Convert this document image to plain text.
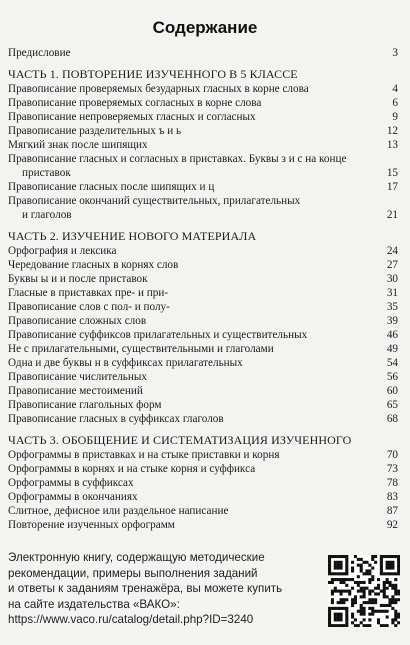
Содержание
Предисловие	3
ЧАСТЬ 1. ПОВТОРЕНИЕ ИЗУЧЕННОГО В 5 КЛАССЕ
Правописание проверяемых безударных гласных в корне слова	4
Правописание проверяемых согласных в корне слова	6
Правописание непроверяемых гласных и согласных	9
Правописание разделительных ъ и ь	12
Мягкий знак после шипящих	13
Правописание гласных и согласных в приставках. Буквы з и с на конце
приставок	15
Правописание гласных после шипящих и ц	17
Правописание окончаний существительных, прилагательных
и глаголов	21
ЧАСТЬ 2. ИЗУЧЕНИЕ НОВОГО МАТЕРИАЛА
Орфография и лексика	24
Чередование гласных в корнях слов	27
Буквы ы и и после приставок	30
Гласные в приставках пре- и при-	31
Правописание слов с пол- и полу-	35
Правописание сложных слов	39
Правописание суффиксов прилагательных и существительных	46
Не с прилагательными, существительными и глаголами	49
Одна и две буквы н в суффиксах прилагательных	54
Правописание числительных	56
Правописание местоимений	60
Правописание глагольных форм	65
Правописание гласных в суффиксах глаголов	68
ЧАСТЬ 3. ОБОБЩЕНИЕ И СИСТЕМАТИЗАЦИЯ ИЗУЧЕННОГО
Орфограммы в приставках и на стыке приставки и корня	70
Орфограммы в корнях и на стыке корня и суффикса	73
Орфограммы в суффиксах	78
Орфограммы в окончаниях	83
Слитное, дефисное или раздельное написание	87
Повторение изученных орфограмм	92
Электронную книгу, содержащую методические
рекомендации, примеры выполнения заданий
и ответы к заданиям тренажёра, вы можете купить
на сайте издательства «ВАКО»:
https://www.vaco.ru/catalog/detail.php?ID=3240
